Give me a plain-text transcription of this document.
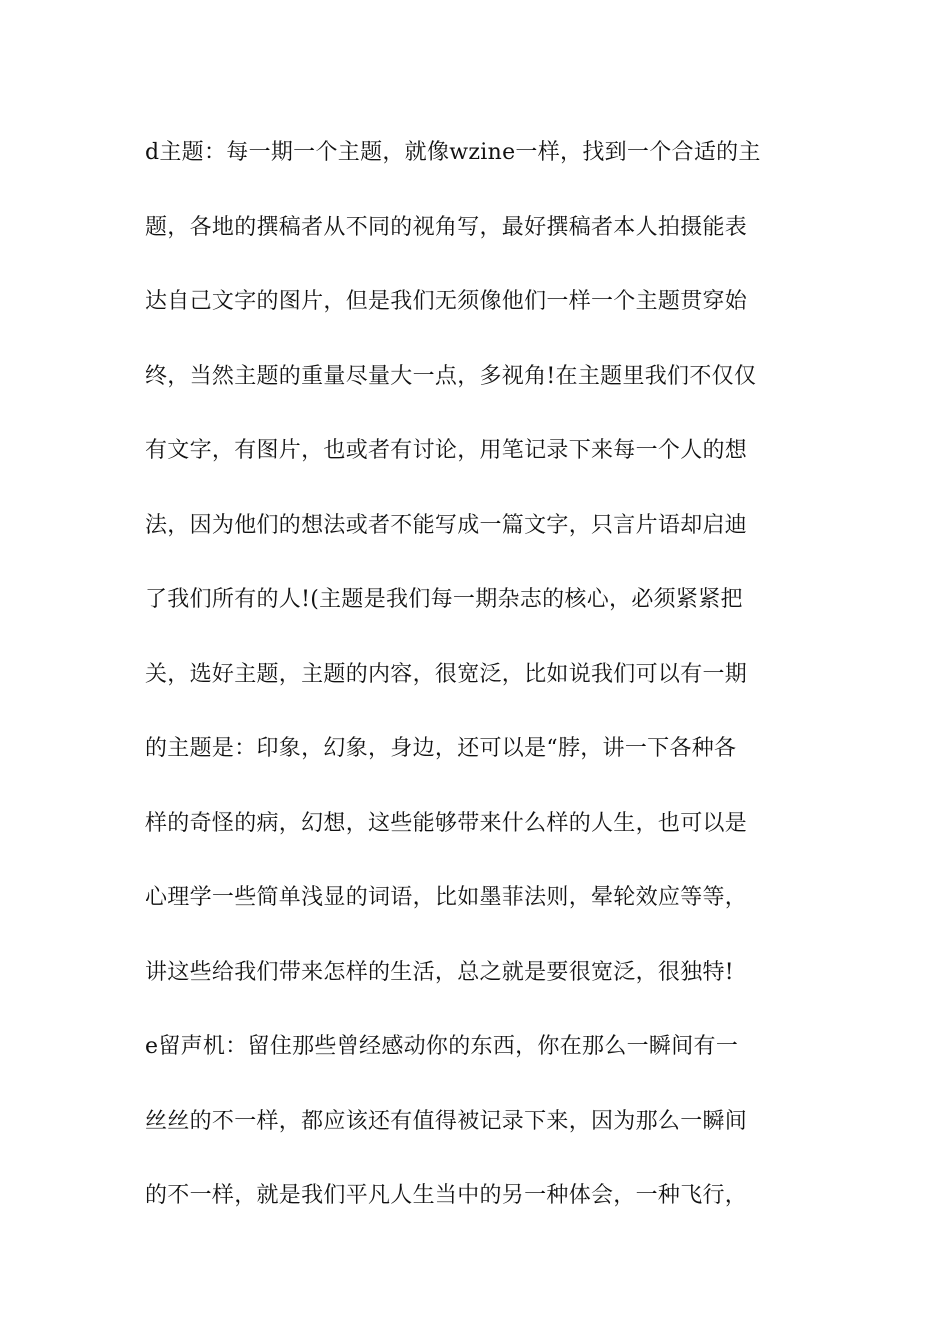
d主题：每一期一个主题，就像wzine一样，找到一个合适的主
题，各地的撰稿者从不同的视角写，最好撰稿者本人拍摄能表
达自己文字的图片，但是我们无须像他们一样一个主题贯穿始
终，当然主题的重量尽量大一点，多视角!在主题里我们不仅仅
有文字，有图片，也或者有讨论，用笔记录下来每一个人的想
法，因为他们的想法或者不能写成一篇文字，只言片语却启迪
了我们所有的人!(主题是我们每一期杂志的核心，必须紧紧把
关，选好主题，主题的内容，很宽泛，比如说我们可以有一期
的主题是：印象，幻象，身边，还可以是“脖，讲一下各种各
样的奇怪的病，幻想，这些能够带来什么样的人生，也可以是
心理学一些简单浅显的词语，比如墨菲法则，晕轮效应等等，
讲这些给我们带来怎样的生活，总之就是要很宽泛，很独特!
e留声机：留住那些曾经感动你的东西，你在那么一瞬间有一
丝丝的不一样，都应该还有值得被记录下来，因为那么一瞬间
的不一样，就是我们平凡人生当中的另一种体会，一种飞行，
